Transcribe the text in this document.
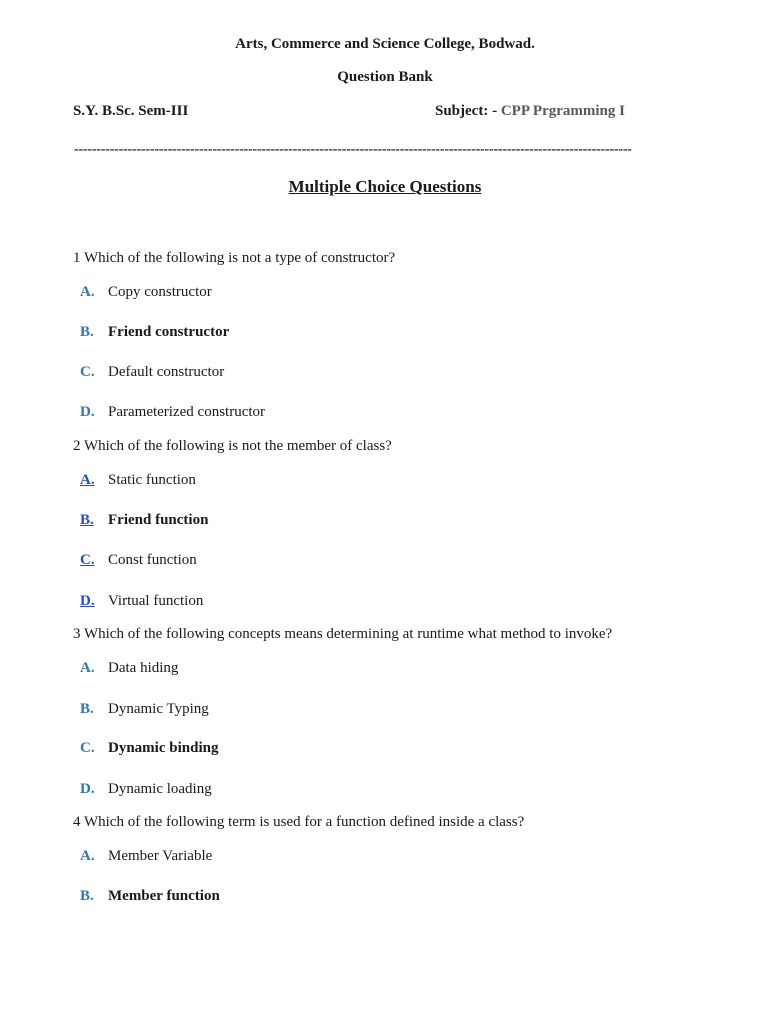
Arts, Commerce and Science College, Bodwad.
Question Bank
S.Y. B.Sc. Sem-III	Subject: - CPP Prgramming I
-----------------------------------------------------------------------------------------------------------------------------
Multiple Choice Questions
1 Which of the following is not a type of constructor?
A. Copy constructor
B. Friend constructor
C. Default constructor
D. Parameterized constructor
2 Which of the following is not the member of class?
A. Static function
B. Friend function
C. Const function
D. Virtual function
3 Which of the following concepts means determining at runtime what method to invoke?
A. Data hiding
B. Dynamic Typing
C. Dynamic binding
D. Dynamic loading
4 Which of the following term is used for a function defined inside a class?
A. Member Variable
B. Member function
